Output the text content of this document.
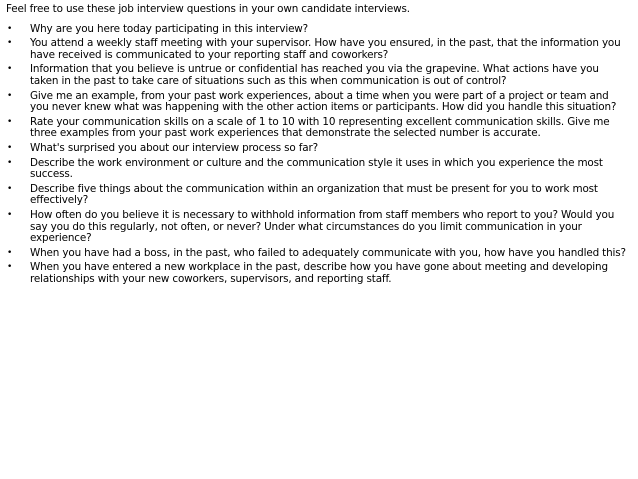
Feel free to use these job interview questions in your own candidate interviews.

• Why are you here today participating in this interview?
• You attend a weekly staff meeting with your supervisor. How have you ensured, in the past, that the information you have received is communicated to your reporting staff and coworkers?
• Information that you believe is untrue or confidential has reached you via the grapevine. What actions have you taken in the past to take care of situations such as this when communication is out of control?
• Give me an example, from your past work experiences, about a time when you were part of a project or team and you never knew what was happening with the other action items or participants. How did you handle this situation?
• Rate your communication skills on a scale of 1 to 10 with 10 representing excellent communication skills. Give me three examples from your past work experiences that demonstrate the selected number is accurate.
• What's surprised you about our interview process so far?
• Describe the work environment or culture and the communication style it uses in which you experience the most success.
• Describe five things about the communication within an organization that must be present for you to work most effectively?
• How often do you believe it is necessary to withhold information from staff members who report to you? Would you say you do this regularly, not often, or never? Under what circumstances do you limit communication in your experience?
• When you have had a boss, in the past, who failed to adequately communicate with you, how have you handled this?
• When you have entered a new workplace in the past, describe how you have gone about meeting and developing relationships with your new coworkers, supervisors, and reporting staff.
